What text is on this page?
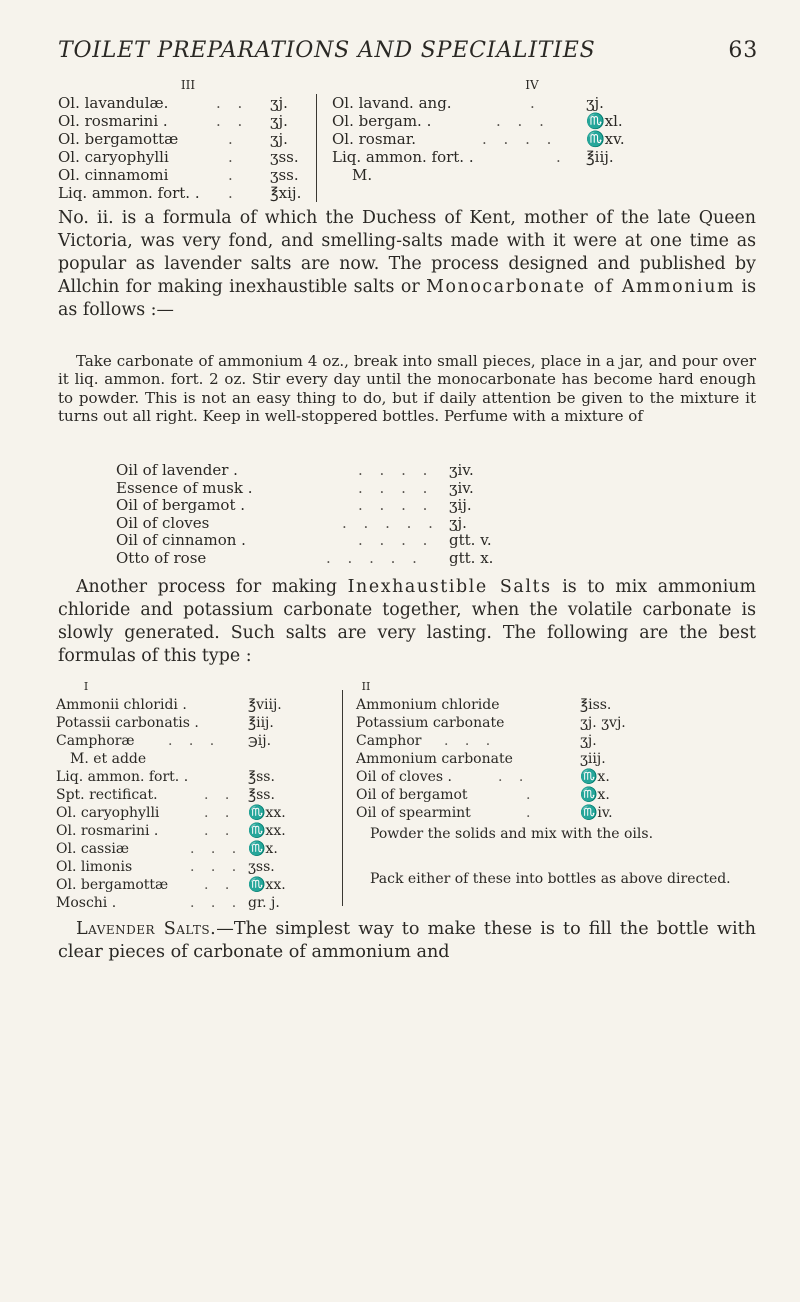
TOILET PREPARATIONS AND SPECIALITIES	63
III
Ol. lavandulæ.	. . ʒj.
Ol. rosmarini .	. . ʒj.
Ol. bergamottæ	. ʒj.
Ol. caryophylli	. ʒss.
Ol. cinnamomi	. ʒss.
Liq. ammon. fort. . . ℥xij.
IV
Ol. lavand. ang.	.	ʒj.
Ol. bergam. .	. . . ♏xl.
Ol. rosmar.	. . . . ♏xv.
Liq. ammon. fort. .	. ℥iij.
M.

No. ii. is a formula of which the Duchess of Kent, mother of the late Queen Victoria, was very fond, and smelling-salts made with it were at one time as popular as lavender salts are now. The process designed and published by Allchin for making inexhaustible salts or Monocarbonate of Ammonium is as follows :—

Take carbonate of ammonium 4 oz., break into small pieces, place in a jar, and pour over it liq. ammon. fort. 2 oz. Stir every day until the monocarbonate has become hard enough to powder. This is not an easy thing to do, but if daily attention be given to the mixture it turns out all right. Keep in well-stoppered bottles. Perfume with a mixture of

Oil of lavender .	. . . . ʒiv.
Essence of musk .	. . . . ʒiv.
Oil of bergamot .	. . . . ʒij.
Oil of cloves	. . . . . ʒj.
Oil of cinnamon .	. . . . gtt. v.
Otto of rose	. . . . . gtt. x.

Another process for making Inexhaustible Salts is to mix ammonium chloride and potassium carbonate together, when the volatile carbonate is slowly generated. Such salts are very lasting. The following are the best formulas of this type :

I
Ammonii chloridi .	℥viij.
Potassii carbonatis .	℥iij.
Camphoræ . . . ℈ij.
M. et adde
Liq. ammon. fort. .	℥ss.
Spt. rectificat.	. . ℥ss.
Ol. caryophylli	. . ♏xx.
Ol. rosmarini .	. . ♏xx.
Ol. cassiæ	. . . ♏x.
Ol. limonis	. . . ʒss.
Ol. bergamottæ	. . ♏xx.
Moschi .	. . . gr. j.
II
Ammonium chloride	℥iss.
Potassium carbonate	ʒj. ʒvj.
Camphor . . .	ʒj.
Ammonium carbonate	ʒiij.
Oil of cloves .	. .	♏x.
Oil of bergamot	.	♏x.
Oil of spearmint	.	♏iv.
Powder the solids and mix with the oils.
Pack either of these into bottles as above directed.

Lavender Salts.—The simplest way to make these is to fill the bottle with clear pieces of carbonate of ammonium and
